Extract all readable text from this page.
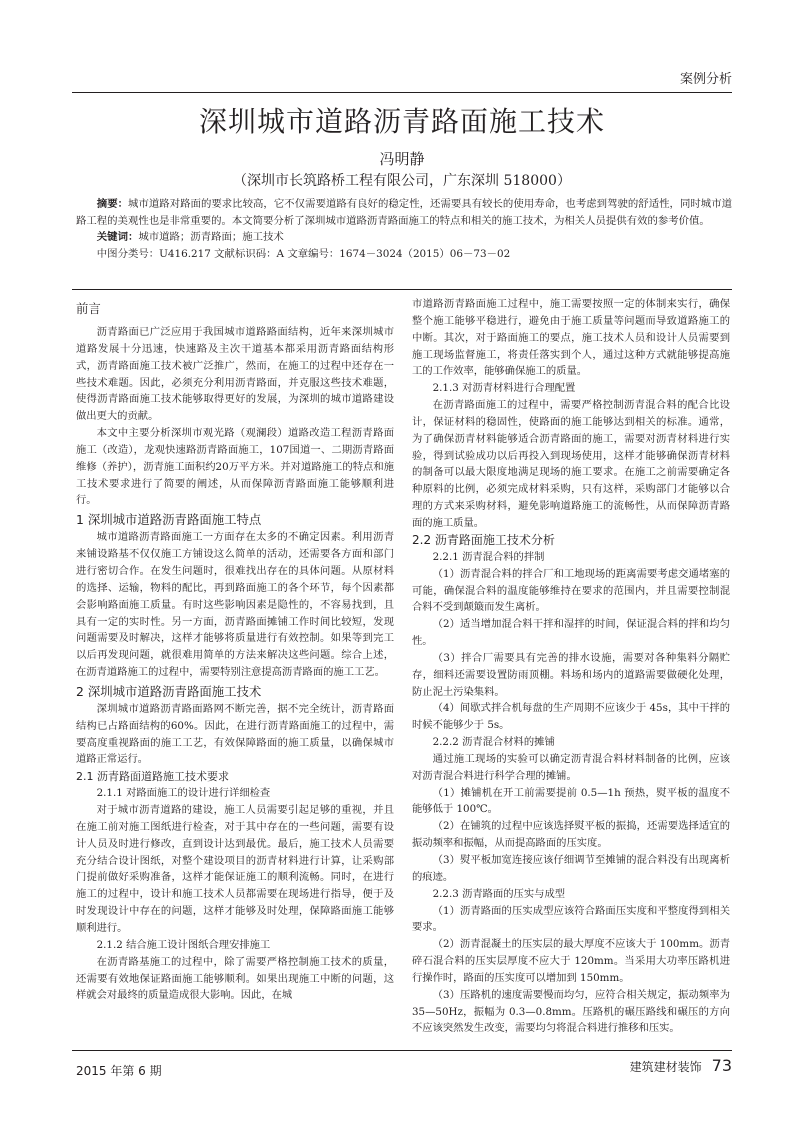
案例分析
深圳城市道路沥青路面施工技术
冯明静
（深圳市长筑路桥工程有限公司，广东深圳 518000）

摘要：城市道路对路面的要求比较高，它不仅需要道路有良好的稳定性，还需要具有较长的使用寿命，也考虑到驾驶的舒适性，同时城市道路工程的美观性也是非常重要的。本文简要分析了深圳城市道路沥青路面施工的特点和相关的施工技术，为相关人员提供有效的参考价值。

关键词：城市道路；沥青路面；施工技术

中图分类号：U416.217 文献标识码：A 文章编号：1674－3024（2015）06－73－02

前言

沥青路面已广泛应用于我国城市道路路面结构，近年来深圳城市道路发展十分迅速，快速路及主次干道基本都采用沥青路面结构形式，沥青路面施工技术被广泛推广，然而，在施工的过程中还存在一些技术难题。因此，必须充分利用沥青路面，并克服这些技术难题，使得沥青路面施工技术能够取得更好的发展，为深圳的城市道路建设做出更大的贡献。

本文中主要分析深圳市观光路（观澜段）道路改造工程沥青路面施工（改造），龙观快速路沥青路面施工，107国道一、二期沥青路面维修（养护），沥青施工面积约20万平方米。并对道路施工的特点和施工技术要求进行了简要的阐述，从而保障沥青路面施工能够顺利进行。

1 深圳城市道路沥青路面施工特点

城市道路沥青路面施工一方面存在太多的不确定因素。利用沥青来铺设路基不仅仅施工方铺设这么简单的活动，还需要各方面和部门进行密切合作。在发生问题时，很难找出存在的具体问题。从原材料的选择、运输，物料的配比，再到路面施工的各个环节，每个因素都会影响路面施工质量。有时这些影响因素是隐性的，不容易找到，且具有一定的实时性。另一方面，沥青路面摊铺工作时间比较短，发现问题需要及时解决，这样才能够将质量进行有效控制。如果等到完工以后再发现问题，就很难用简单的方法来解决这些问题。综合上述，在沥青道路施工的过程中，需要特别注意提高沥青路面的施工工艺。

2 深圳城市道路沥青路面施工技术

深圳城市道路沥青路面路网不断完善，据不完全统计，沥青路面结构已占路面结构的60%。因此，在进行沥青路面施工的过程中，需要高度重视路面的施工工艺，有效保障路面的施工质量，以确保城市道路正常运行。

2.1 沥青路面道路施工技术要求
2.1.1 对路面施工的设计进行详细检查

对于城市沥青道路的建设，施工人员需要引起足够的重视，并且在施工前对施工图纸进行检查，对于其中存在的一些问题，需要有设计人员及时进行修改，直到设计达到最优。最后，施工技术人员需要充分结合设计图纸，对整个建设项目的沥青材料进行计算，让采购部门提前做好采购准备，这样才能保证施工的顺利流畅。同时，在进行施工的过程中，设计和施工技术人员都需要在现场进行指导，便于及时发现设计中存在的问题，这样才能够及时处理，保障路面施工能够顺利进行。

2.1.2 结合施工设计图纸合理安排施工

在沥青路基施工的过程中，除了需要严格控制施工技术的质量，还需要有效地保证路面施工能够顺利。如果出现施工中断的问题，这样就会对最终的质量造成很大影响。因此，在城

市道路沥青路面施工过程中，施工需要按照一定的体制来实行，确保整个施工能够平稳进行，避免由于施工质量等问题而导致道路施工的中断。其次，对于路面施工的要点，施工技术人员和设计人员需要到施工现场监督施工，将责任落实到个人，通过这种方式就能够提高施工的工作效率，能够确保施工的质量。

2.1.3 对沥青材料进行合理配置

在沥青路面施工的过程中，需要严格控制沥青混合料的配合比设计，保证材料的稳固性，使路面的施工能够达到相关的标准。通常，为了确保沥青材料能够适合沥青路面的施工，需要对沥青材料进行实验，得到试验成功以后再投入到现场使用，这样才能够确保沥青材料的制备可以最大限度地满足现场的施工要求。在施工之前需要确定各种原料的比例，必须完成材料采购，只有这样，采购部门才能够以合理的方式来采购材料，避免影响道路施工的流畅性，从而保障沥青路面的施工质量。

2.2 沥青路面施工技术分析
2.2.1 沥青混合料的拌制

（1）沥青混合料的拌合厂和工地现场的距离需要考虑交通堵塞的可能，确保混合料的温度能够维持在要求的范围内，并且需要控制混合料不受到颠簸而发生离析。

（2）适当增加混合料干拌和湿拌的时间，保证混合料的拌和均匀性。

（3）拌合厂需要具有完善的排水设施，需要对各种集料分隔贮存，细料还需要设置防雨顶棚。料场和场内的道路需要做硬化处理，防止泥土污染集料。

（4）间歇式拌合机每盘的生产周期不应该少于 45s，其中干拌的时候不能够少于 5s。

2.2.2 沥青混合材料的摊铺

通过施工现场的实验可以确定沥青混合料材料制备的比例，应该对沥青混合料进行科学合理的摊铺。

（1）摊铺机在开工前需要提前 0.5—1h 预热，熨平板的温度不能够低于 100℃。

（2）在铺筑的过程中应该选择熨平板的振捣，还需要选择适宜的振动频率和振幅，从而提高路面的压实度。

（3）熨平板加宽连接应该仔细调节至摊铺的混合料没有出现离析的痕迹。

2.2.3 沥青路面的压实与成型

（1）沥青路面的压实成型应该符合路面压实度和平整度得到相关要求。

（2）沥青混凝土的压实层的最大厚度不应该大于 100mm。沥青碎石混合料的压实层厚度不应大于 120mm。当采用大功率压路机进行操作时，路面的压实度可以增加到 150mm。

（3）压路机的速度需要慢而均匀，应符合相关规定，振动频率为 35—50Hz，振幅为 0.3—0.8mm。压路机的碾压路线和碾压的方向不应该突然发生改变，需要均匀将混合料进行推移和压实。

2015 年第 6 期	建筑建材装饰 73
